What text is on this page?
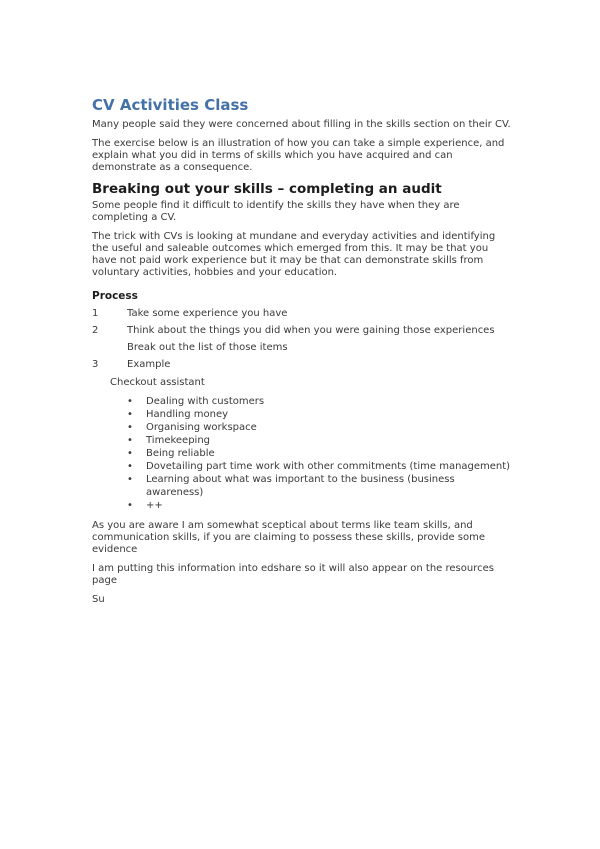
CV Activities Class

Many people said they were concerned about filling in the skills section on their CV.

The exercise below is an illustration of how you can take a simple experience, and explain what you did in terms of skills which you have acquired and can demonstrate as a consequence.

Breaking out your skills – completing an audit

Some people find it difficult to identify the skills they have when they are completing a CV.

The trick with CVs is looking at mundane and everyday activities and identifying the useful and saleable outcomes which emerged from this. It may be that you have not paid work experience but it may be that can demonstrate skills from voluntary activities, hobbies and your education.

Process
1	Take some experience you have
2	Think about the things you did when you were gaining those experiences
Break out the list of those items
3	Example

Checkout assistant

•	Dealing with customers
•	Handling money
•	Organising workspace
•	Timekeeping
•	Being reliable
•	Dovetailing part time work with other commitments (time management)
•	Learning about what was important to the business (business awareness)
•	++

As you are aware I am somewhat sceptical about terms like team skills, and communication skills, if you are claiming to possess these skills, provide some evidence

I am putting this information into edshare so it will also appear on the resources page

Su
